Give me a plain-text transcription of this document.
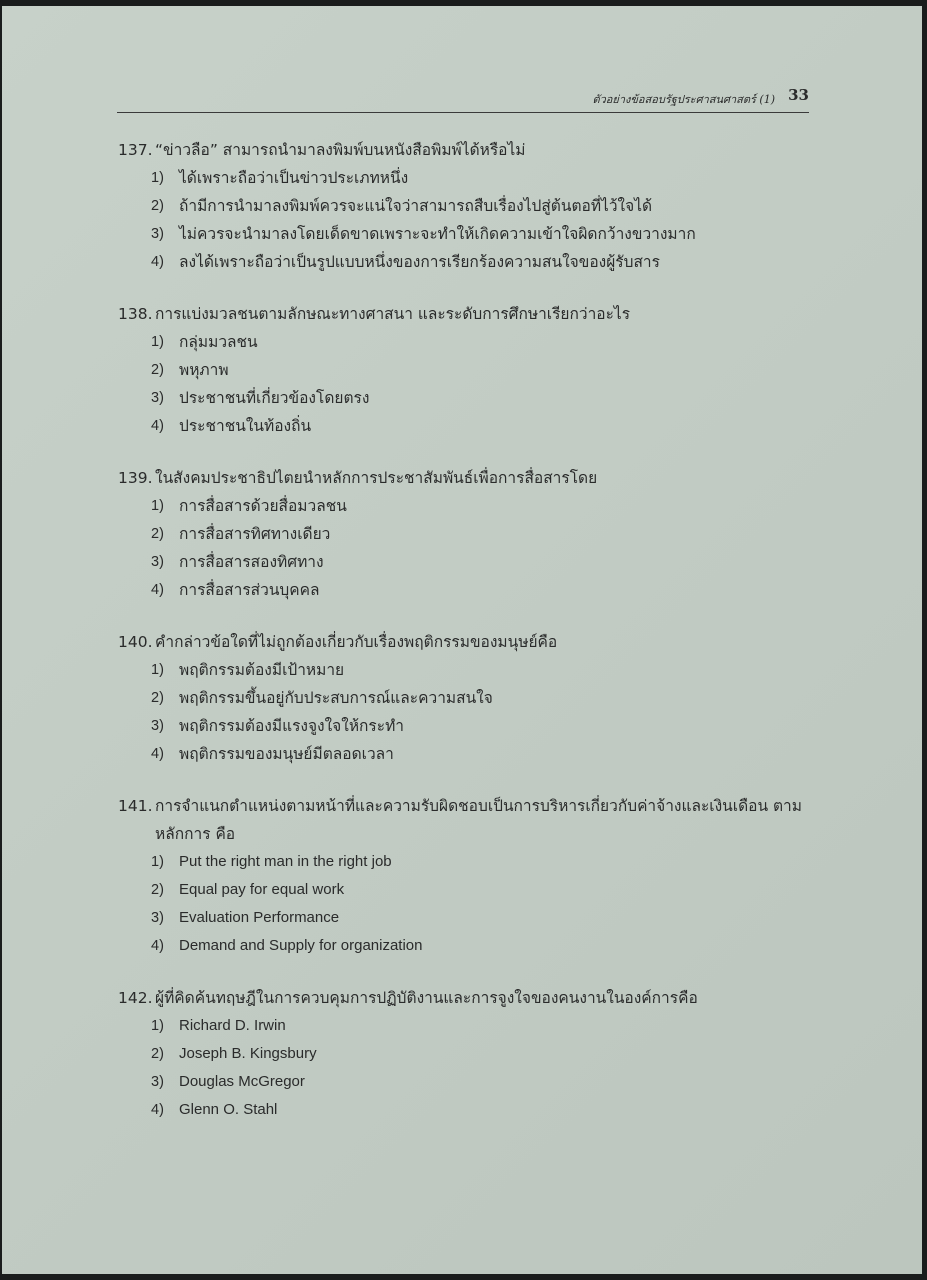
ตัวอย่างข้อสอบรัฐประศาสนศาสตร์ (1) 33
137. “ข่าวลือ” สามารถนำมาลงพิมพ์บนหนังสือพิมพ์ได้หรือไม่
1) ได้เพราะถือว่าเป็นข่าวประเภทหนึ่ง
2) ถ้ามีการนำมาลงพิมพ์ควรจะแน่ใจว่าสามารถสืบเรื่องไปสู่ต้นตอที่ไว้ใจได้
3) ไม่ควรจะนำมาลงโดยเด็ดขาดเพราะจะทำให้เกิดความเข้าใจผิดกว้างขวางมาก
4) ลงได้เพราะถือว่าเป็นรูปแบบหนึ่งของการเรียกร้องความสนใจของผู้รับสาร
138. การแบ่งมวลชนตามลักษณะทางศาสนา และระดับการศึกษาเรียกว่าอะไร
1) กลุ่มมวลชน
2) พหุภาพ
3) ประชาชนที่เกี่ยวข้องโดยตรง
4) ประชาชนในท้องถิ่น
139. ในสังคมประชาธิปไตยนำหลักการประชาสัมพันธ์เพื่อการสื่อสารโดย
1) การสื่อสารด้วยสื่อมวลชน
2) การสื่อสารทิศทางเดียว
3) การสื่อสารสองทิศทาง
4) การสื่อสารส่วนบุคคล
140. คำกล่าวข้อใดที่ไม่ถูกต้องเกี่ยวกับเรื่องพฤติกรรมของมนุษย์คือ
1) พฤติกรรมต้องมีเป้าหมาย
2) พฤติกรรมขึ้นอยู่กับประสบการณ์และความสนใจ
3) พฤติกรรมต้องมีแรงจูงใจให้กระทำ
4) พฤติกรรมของมนุษย์มีตลอดเวลา
141. การจำแนกตำแหน่งตามหน้าที่และความรับผิดชอบเป็นการบริหารเกี่ยวกับค่าจ้างและเงินเดือน ตามหลักการ คือ
1)	Put the right man in the right job
2)	Equal pay for equal work
3)	Evaluation Performance
4)	Demand and Supply for organization
142. ผู้ที่คิดค้นทฤษฎีในการควบคุมการปฏิบัติงานและการจูงใจของคนงานในองค์การคือ
1)	Richard D. Irwin
2)	Joseph B. Kingsbury
3)	Douglas McGregor
4)	Glenn O. Stahl
